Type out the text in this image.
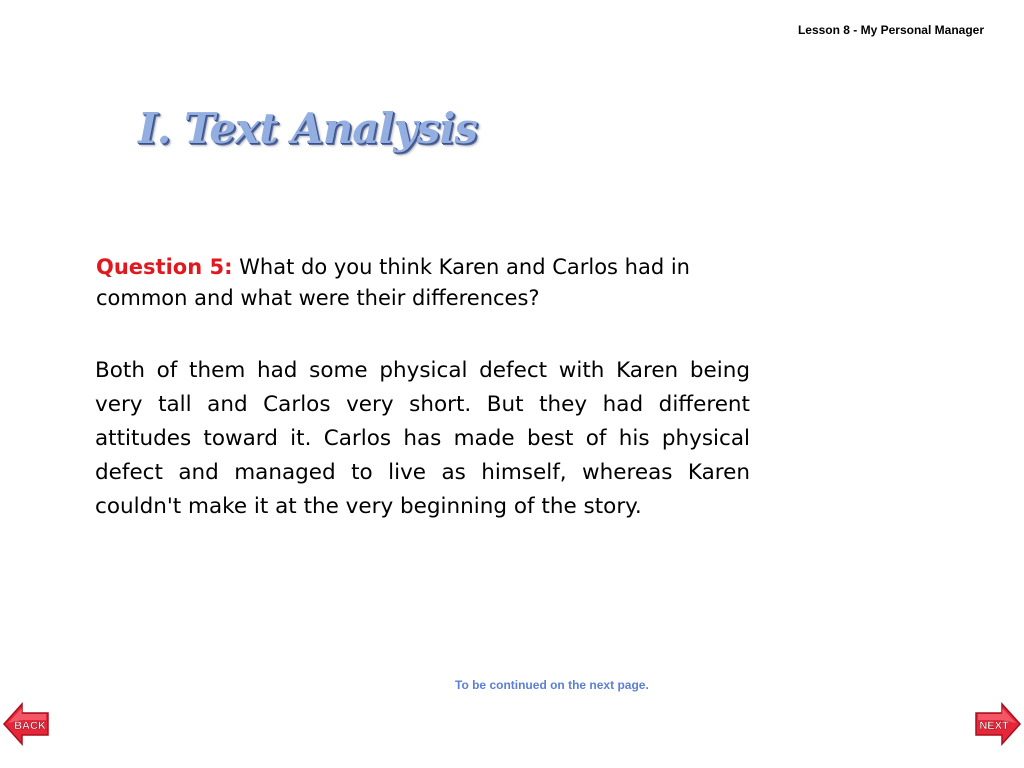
Lesson 8 - My Personal Manager
I. Text Analysis
Question 5: What do you think Karen and Carlos had in common and what were their differences?
Both of them had some physical defect with Karen being very tall and Carlos very short. But they had different attitudes toward it. Carlos has made best of his physical defect and managed to live as himself, whereas Karen couldn't make it at the very beginning of the story.
To be continued on the next page.
BACK	NEXT
